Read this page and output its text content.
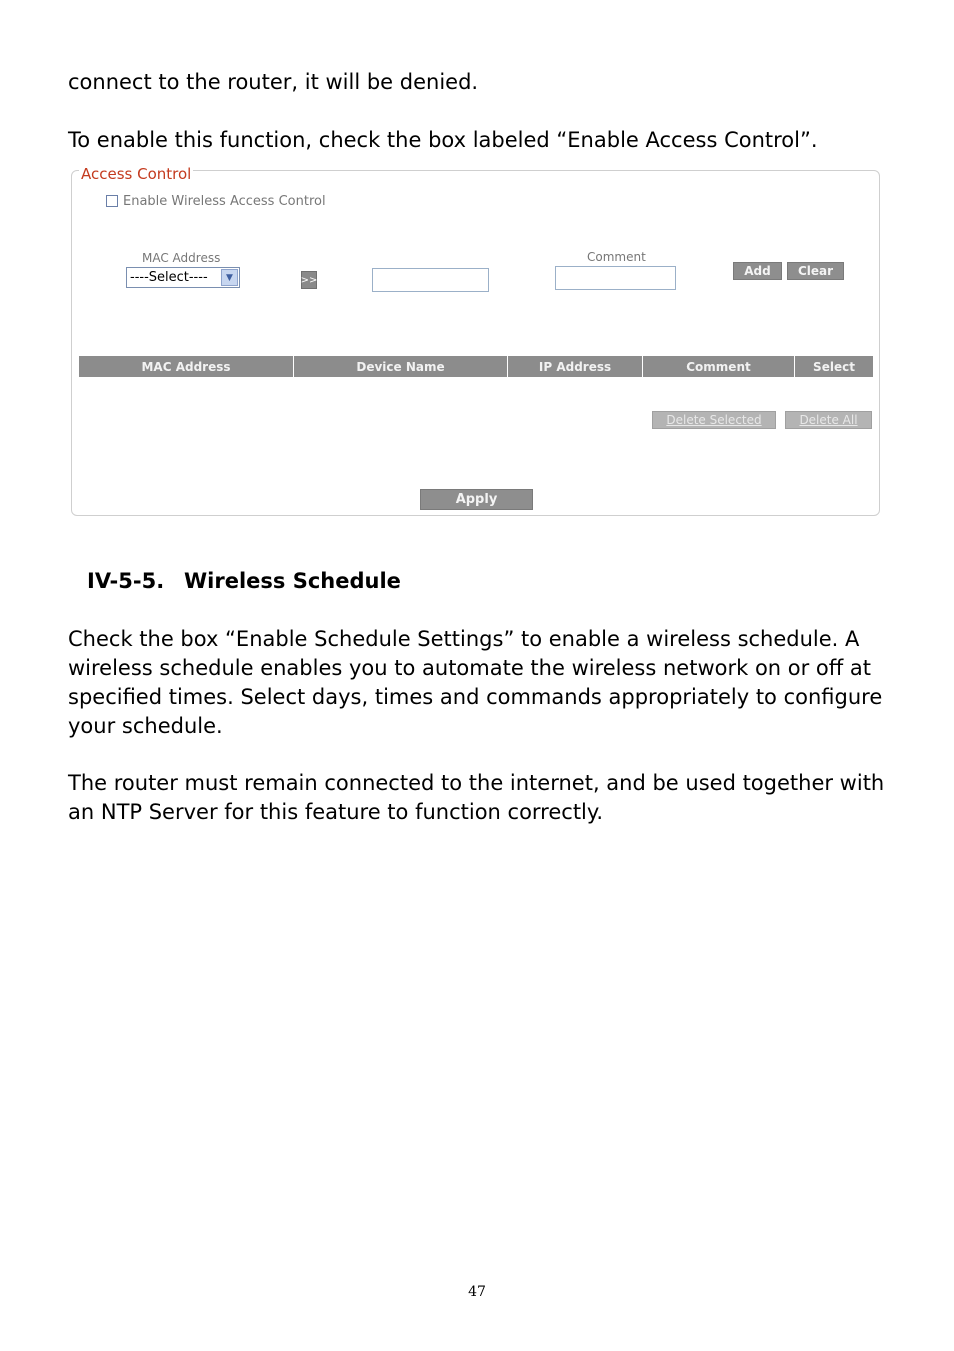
connect to the router, it will be denied.

To enable this function, check the box labeled “Enable Access Control”.

Access Control
Enable Wireless Access Control
MAC Address
----Select----	▼	>>
Comment
Add	Clear
MAC Address	Device Name	IP Address	Comment	Select
Delete Selected	Delete All
Apply
IV-5-5. Wireless Schedule

Check the box “Enable Schedule Settings” to enable a wireless schedule. A wireless schedule enables you to automate the wireless network on or off at specified times. Select days, times and commands appropriately to configure your schedule.

The router must remain connected to the internet, and be used together with an NTP Server for this feature to function correctly.

47
